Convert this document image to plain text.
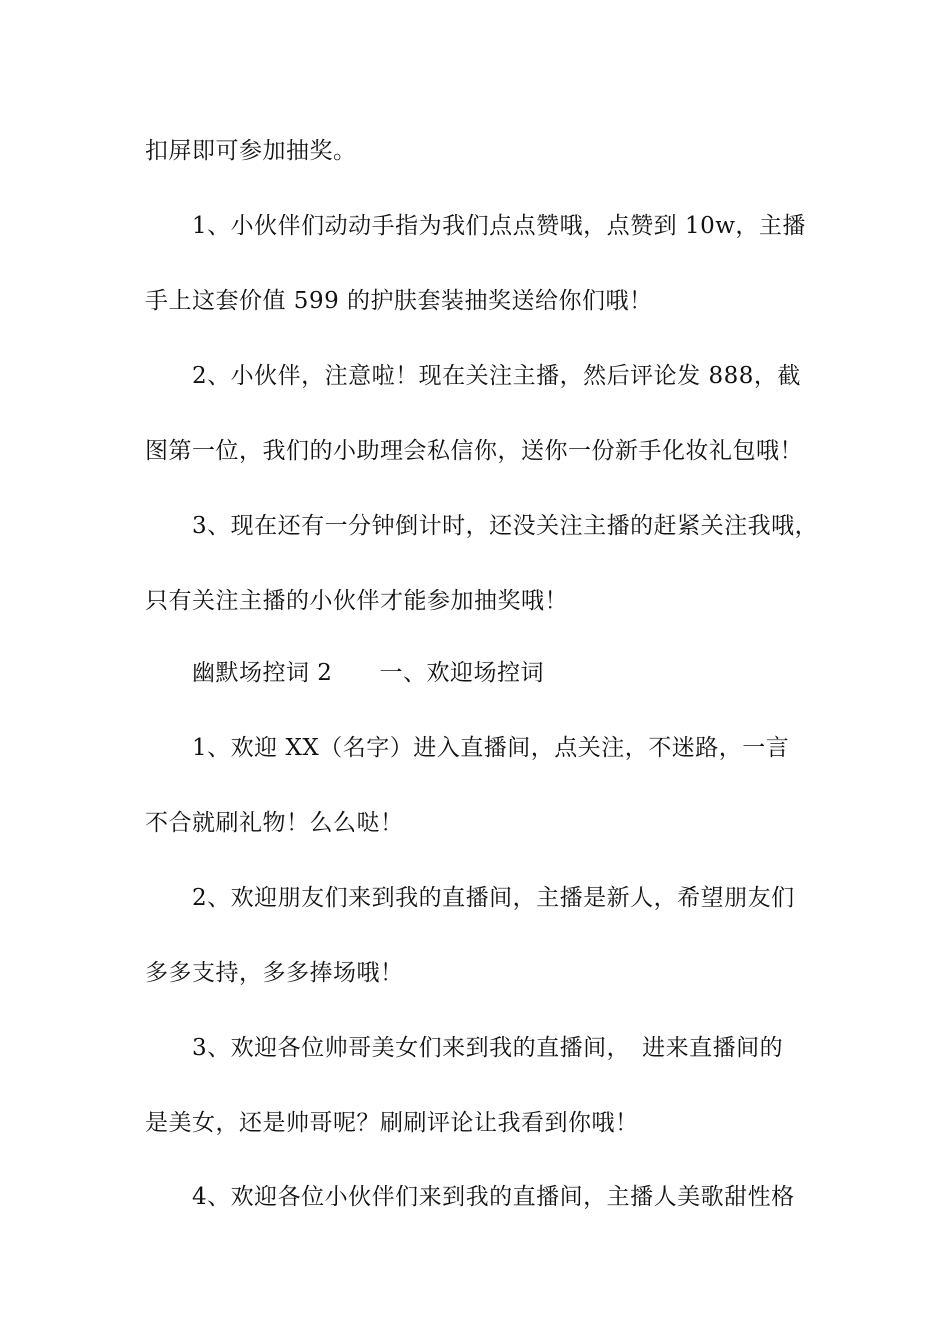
扣屏即可参加抽奖。
1、小伙伴们动动手指为我们点点赞哦，点赞到 10w，主播
手上这套价值 599 的护肤套装抽奖送给你们哦！
2、小伙伴，注意啦！现在关注主播，然后评论发 888，截
图第一位，我们的小助理会私信你，送你一份新手化妆礼包哦！
3、现在还有一分钟倒计时，还没关注主播的赶紧关注我哦，
只有关注主播的小伙伴才能参加抽奖哦！
幽默场控词 2　　一、欢迎场控词
1、欢迎 XX（名字）进入直播间，点关注，不迷路，一言
不合就刷礼物！么么哒！
2、欢迎朋友们来到我的直播间，主播是新人，希望朋友们
多多支持，多多捧场哦！
3、欢迎各位帅哥美女们来到我的直播间，　进来直播间的
是美女，还是帅哥呢？刷刷评论让我看到你哦！
4、欢迎各位小伙伴们来到我的直播间，主播人美歌甜性格
